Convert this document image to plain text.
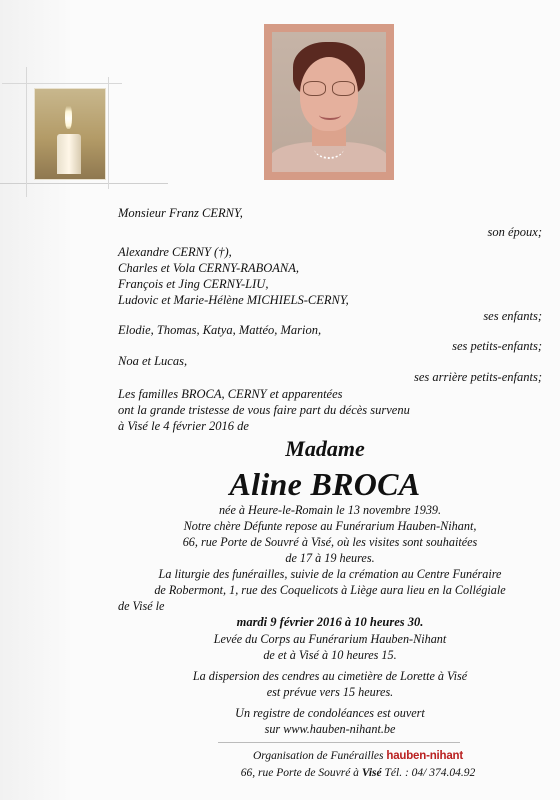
Monsieur Franz CERNY,
son époux;
Alexandre CERNY (†),
Charles et Vola CERNY-RABOANA,
François et Jing CERNY-LIU,
Ludovic et Marie-Hélène MICHIELS-CERNY,
ses enfants;
Elodie, Thomas, Katya, Mattéo, Marion,
ses petits-enfants;
Noa et Lucas,
ses arrière petits-enfants;
Les familles BROCA, CERNY et apparentées
ont la grande tristesse de vous faire part du décès survenu
à Visé le 4 février 2016 de
Madame
Aline BROCA
née à Heure-le-Romain le 13 novembre 1939.
Notre chère Défunte repose au Funérarium Hauben-Nihant,
66, rue Porte de Souvré à Visé, où les visites sont souhaitées
de 17 à 19 heures.
La liturgie des funérailles, suivie de la crémation au Centre Funéraire
de Robermont, 1, rue des Coquelicots à Liège aura lieu en la Collégiale
de Visé le
mardi 9 février 2016 à 10 heures 30.
Levée du Corps au Funérarium Hauben-Nihant
de et à Visé à 10 heures 15.
La dispersion des cendres au cimetière de Lorette à Visé
est prévue vers 15 heures.
Un registre de condoléances est ouvert
sur www.hauben-nihant.be
Organisation de Funérailles hauben-nihant
66, rue Porte de Souvré à Visé Tél. : 04/ 374.04.92
